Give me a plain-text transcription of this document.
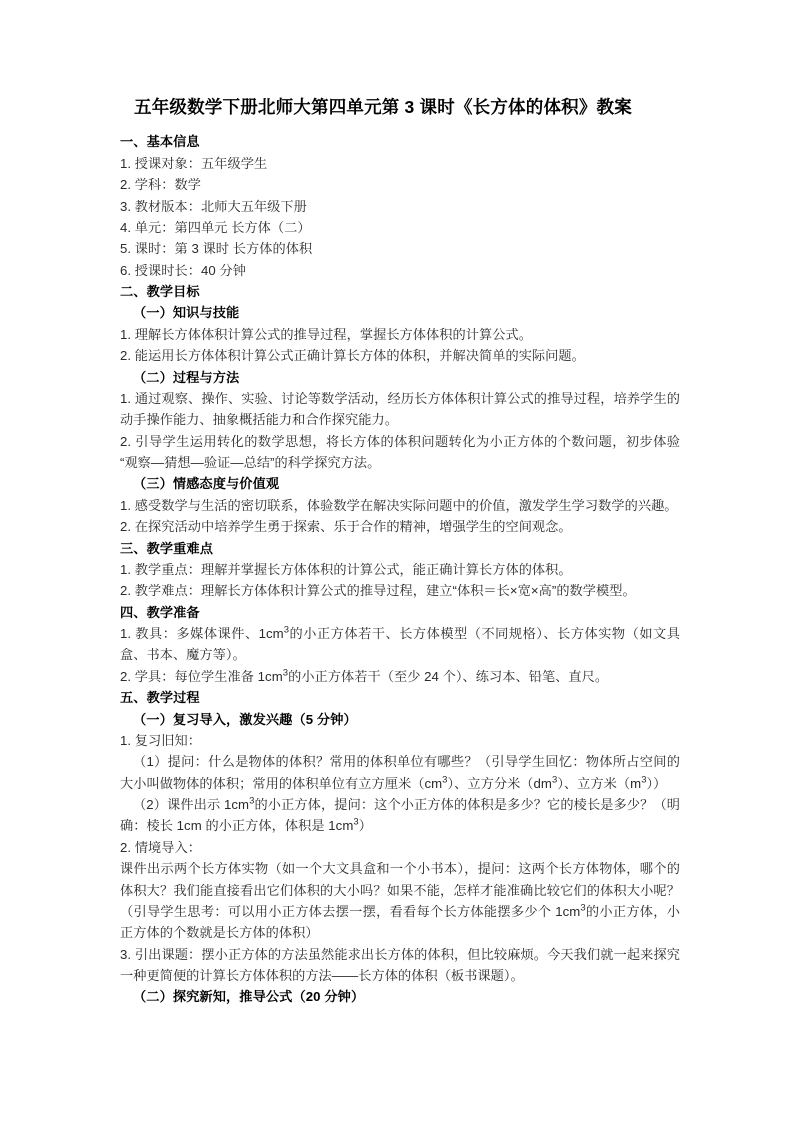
五年级数学下册北师大第四单元第 3 课时《长方体的体积》教案

一、基本信息

1. 授课对象：五年级学生

2. 学科：数学

3. 教材版本：北师大五年级下册

4. 单元：第四单元 长方体（二）

5. 课时：第 3 课时 长方体的体积

6. 授课时长：40 分钟

二、教学目标

（一）知识与技能

1. 理解长方体体积计算公式的推导过程，掌握长方体体积的计算公式。

2. 能运用长方体体积计算公式正确计算长方体的体积，并解决简单的实际问题。

（二）过程与方法

1. 通过观察、操作、实验、讨论等数学活动，经历长方体体积计算公式的推导过程，培养学生的动手操作能力、抽象概括能力和合作探究能力。

2. 引导学生运用转化的数学思想，将长方体的体积问题转化为小正方体的个数问题，初步体验“观察—猜想—验证—总结”的科学探究方法。

（三）情感态度与价值观

1. 感受数学与生活的密切联系，体验数学在解决实际问题中的价值，激发学生学习数学的兴趣。

2. 在探究活动中培养学生勇于探索、乐于合作的精神，增强学生的空间观念。

三、教学重难点

1. 教学重点：理解并掌握长方体体积的计算公式，能正确计算长方体的体积。

2. 教学难点：理解长方体体积计算公式的推导过程，建立“体积＝长×宽×高”的数学模型。

四、教学准备

1. 教具：多媒体课件、$1cm^3$的小正方体若干、长方体模型（不同规格）、长方体实物（如文具盒、书本、魔方等）。

2. 学具：每位学生准备 $1cm^3$的小正方体若干（至少 24 个）、练习本、铅笔、直尺。

五、教学过程

（一）复习导入，激发兴趣（5 分钟）

1. 复习旧知：

（1）提问：什么是物体的体积？常用的体积单位有哪些？（引导学生回忆：物体所占空间的大小叫做物体的体积；常用的体积单位有立方厘米$(cm^3)$、立方分米$(dm^3)$、立方米$(m^3)$）

（2）课件出示 $1cm^3$的小正方体，提问：这个小正方体的体积是多少？它的棱长是多少？（明确：棱长 1cm 的小正方体，体积是 $1cm^3$）

2. 情境导入：

课件出示两个长方体实物（如一个大文具盒和一个小书本），提问：这两个长方体物体，哪个的体积大？我们能直接看出它们体积的大小吗？如果不能，怎样才能准确比较它们的体积大小呢？（引导学生思考：可以用小正方体去摆一摆，看看每个长方体能摆多少个 $1cm^3$的小正方体，小正方体的个数就是长方体的体积）

3. 引出课题：摆小正方体的方法虽然能求出长方体的体积，但比较麻烦。今天我们就一起来探究一种更简便的计算长方体体积的方法——长方体的体积（板书课题）。

（二）探究新知，推导公式（20 分钟）
